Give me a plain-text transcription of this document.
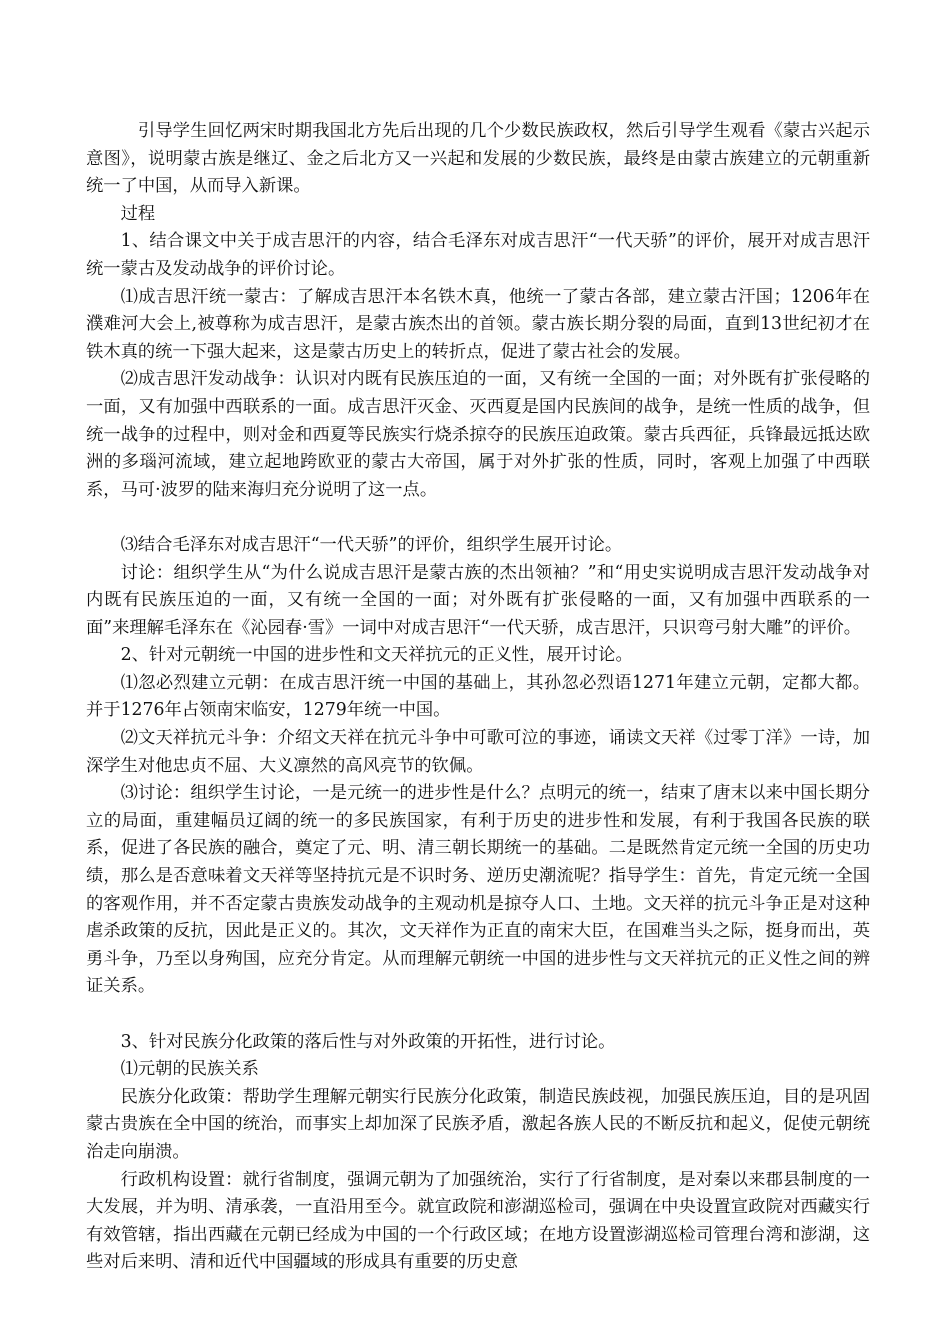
引导学生回忆两宋时期我国北方先后出现的几个少数民族政权，然后引导学生观看《蒙古兴起示意图》，说明蒙古族是继辽、金之后北方又一兴起和发展的少数民族，最终是由蒙古族建立的元朝重新统一了中国，从而导入新课。

过程

1、结合课文中关于成吉思汗的内容，结合毛泽东对成吉思汗“一代天骄”的评价，展开对成吉思汗统一蒙古及发动战争的评价讨论。

⑴成吉思汗统一蒙古：了解成吉思汗本名铁木真，他统一了蒙古各部，建立蒙古汗国；1206年在濮难河大会上,被尊称为成吉思汗，是蒙古族杰出的首领。蒙古族长期分裂的局面，直到13世纪初才在铁木真的统一下强大起来，这是蒙古历史上的转折点，促进了蒙古社会的发展。

⑵成吉思汗发动战争：认识对内既有民族压迫的一面，又有统一全国的一面；对外既有扩张侵略的一面，又有加强中西联系的一面。成吉思汗灭金、灭西夏是国内民族间的战争，是统一性质的战争，但统一战争的过程中，则对金和西夏等民族实行烧杀掠夺的民族压迫政策。蒙古兵西征，兵锋最远抵达欧洲的多瑙河流域，建立起地跨欧亚的蒙古大帝国，属于对外扩张的性质，同时，客观上加强了中西联系，马可·波罗的陆来海归充分说明了这一点。

⑶结合毛泽东对成吉思汗“一代天骄”的评价，组织学生展开讨论。

讨论：组织学生从“为什么说成吉思汗是蒙古族的杰出领袖？”和“用史实说明成吉思汗发动战争对内既有民族压迫的一面，又有统一全国的一面；对外既有扩张侵略的一面，又有加强中西联系的一面”来理解毛泽东在《沁园春·雪》一词中对成吉思汗“一代天骄，成吉思汗，只识弯弓射大雕”的评价。

2、针对元朝统一中国的进步性和文天祥抗元的正义性，展开讨论。

⑴忽必烈建立元朝：在成吉思汗统一中国的基础上，其孙忽必烈语1271年建立元朝，定都大都。并于1276年占领南宋临安，1279年统一中国。

⑵文天祥抗元斗争：介绍文天祥在抗元斗争中可歌可泣的事迹，诵读文天祥《过零丁洋》一诗，加深学生对他忠贞不屈、大义凛然的高风亮节的钦佩。

⑶讨论：组织学生讨论，一是元统一的进步性是什么？点明元的统一，结束了唐末以来中国长期分立的局面，重建幅员辽阔的统一的多民族国家，有利于历史的进步性和发展，有利于我国各民族的联系，促进了各民族的融合，奠定了元、明、清三朝长期统一的基础。二是既然肯定元统一全国的历史功绩，那么是否意味着文天祥等坚持抗元是不识时务、逆历史潮流呢？指导学生：首先，肯定元统一全国的客观作用，并不否定蒙古贵族发动战争的主观动机是掠夺人口、土地。文天祥的抗元斗争正是对这种虐杀政策的反抗，因此是正义的。其次，文天祥作为正直的南宋大臣，在国难当头之际，挺身而出，英勇斗争，乃至以身殉国，应充分肯定。从而理解元朝统一中国的进步性与文天祥抗元的正义性之间的辨证关系。

3、针对民族分化政策的落后性与对外政策的开拓性，进行讨论。

⑴元朝的民族关系

民族分化政策：帮助学生理解元朝实行民族分化政策，制造民族歧视，加强民族压迫，目的是巩固蒙古贵族在全中国的统治，而事实上却加深了民族矛盾，激起各族人民的不断反抗和起义，促使元朝统治走向崩溃。

行政机构设置：就行省制度，强调元朝为了加强统治，实行了行省制度，是对秦以来郡县制度的一大发展，并为明、清承袭，一直沿用至今。就宣政院和澎湖巡检司，强调在中央设置宣政院对西藏实行有效管辖，指出西藏在元朝已经成为中国的一个行政区域；在地方设置澎湖巡检司管理台湾和澎湖，这些对后来明、清和近代中国疆域的形成具有重要的历史意
